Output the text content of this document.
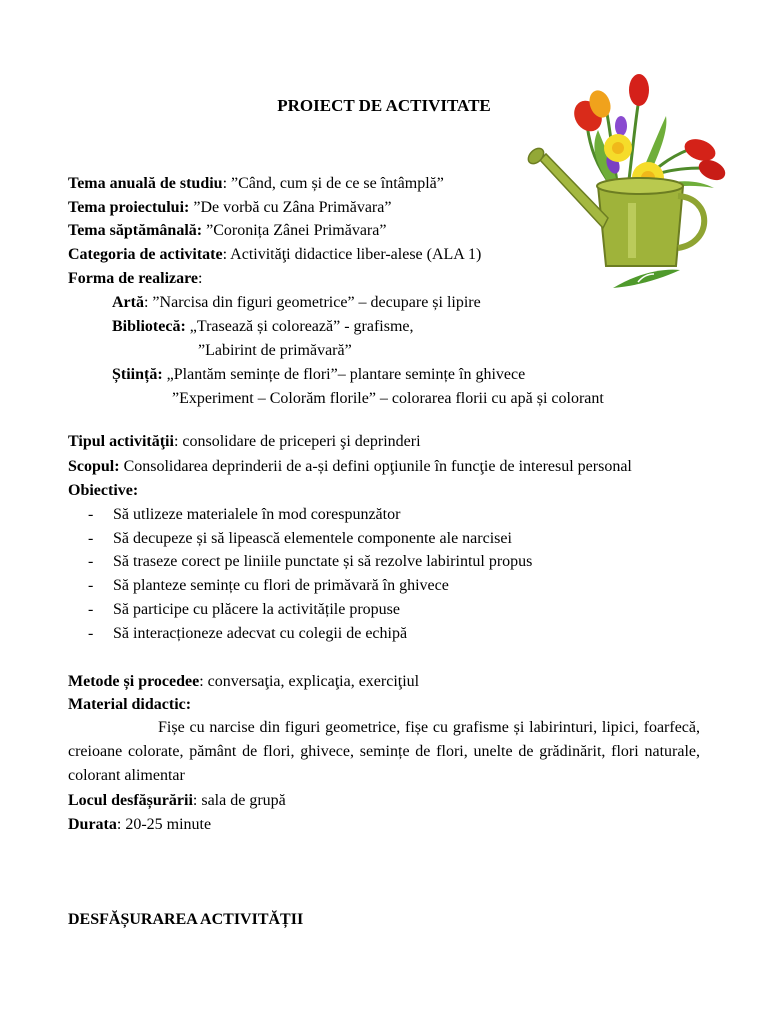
PROIECT DE ACTIVITATE
Tema anuală de studiu: ”Când, cum și de ce se întâmplă”
Tema proiectului: ”De vorbă cu Zâna Primăvara”
Tema săptămânală: ”Coronița Zânei Primăvara”
Categoria de activitate: Activităţi didactice liber-alese (ALA 1)
Forma de realizare:
Artă: ”Narcisa din figuri geometrice” – decupare și lipire
Bibliotecă: „Trasează și colorează” - grafisme,
”Labirint de primăvară”
Știință: „Plantăm semințe de flori”– plantare semințe în ghivece
”Experiment – Colorăm florile” – colorarea florii cu apă și colorant
Tipul activităţii: consolidare de priceperi şi deprinderi
Scopul: Consolidarea deprinderii de a-și defini opţiunile în funcţie de interesul personal
Obiective:
- Să utlizeze materialele în mod corespunzător
- Să decupeze și să lipească elementele componente ale narcisei
- Să traseze corect pe liniile punctate și să rezolve labirintul propus
- Să planteze semințe cu flori de primăvară în ghivece
- Să participe cu plăcere la activitățile propuse
- Să interacționeze adecvat cu colegii de echipă
Metode și procedee: conversaţia, explicaţia, exerciţiul
Material didactic:
Fișe cu narcise din figuri geometrice, fișe cu grafisme și labirinturi, lipici, foarfecă, creioane colorate, pământ de flori, ghivece, semințe de flori, unelte de grădinărit, flori naturale, colorant alimentar
Locul desfășurării: sala de grupă
Durata: 20-25 minute
DESFĂȘURAREA ACTIVITĂȚII
